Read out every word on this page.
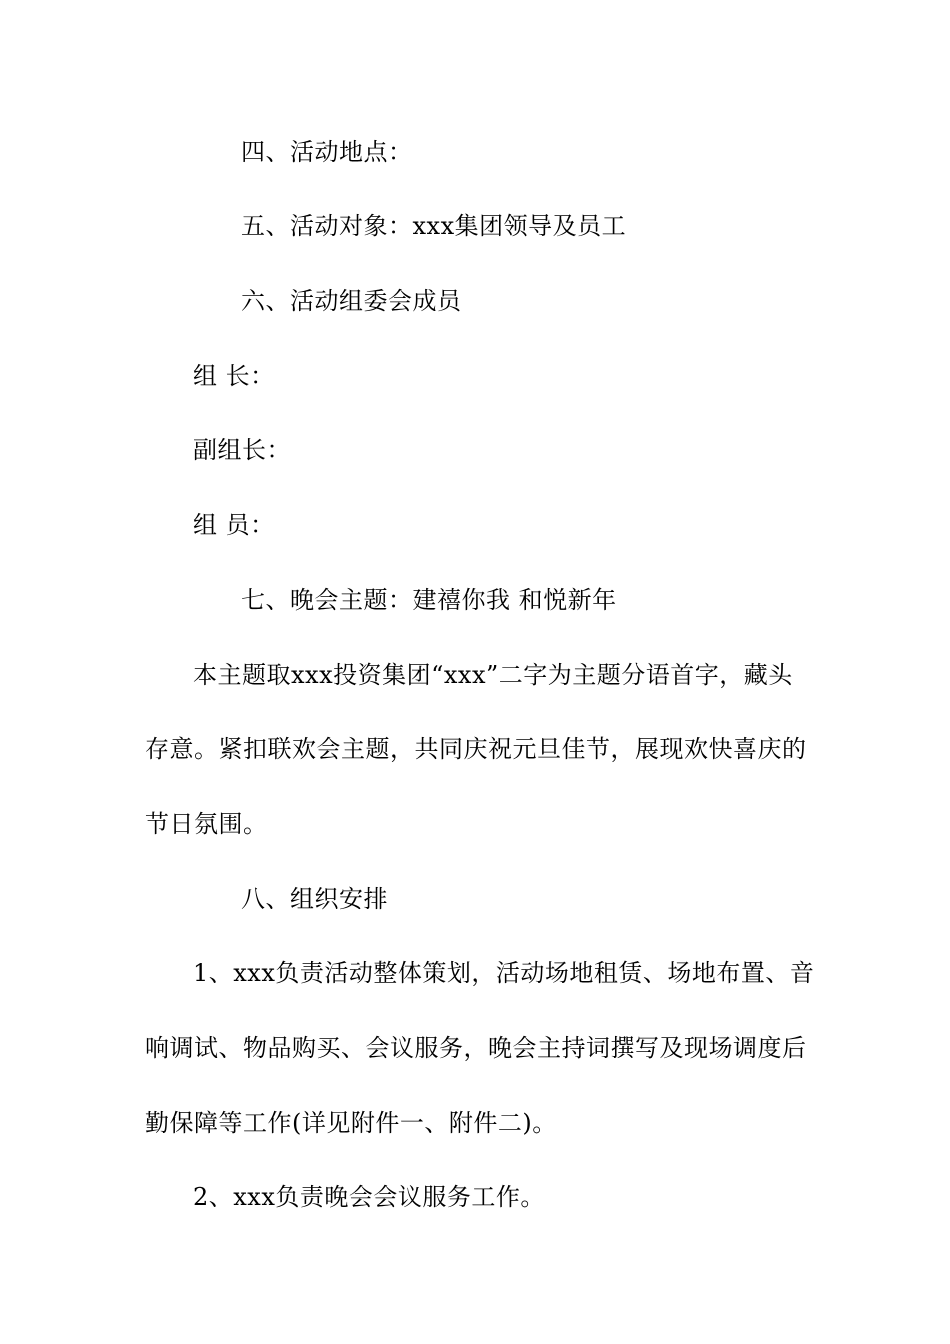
四、活动地点：
五、活动对象：xxx集团领导及员工
六、活动组委会成员
组 长：
副组长：
组 员：
七、晚会主题：建禧你我 和悦新年
本主题取xxx投资集团“xxx”二字为主题分语首字，藏头
存意。紧扣联欢会主题，共同庆祝元旦佳节，展现欢快喜庆的
节日氛围。
八、组织安排
1、xxx负责活动整体策划，活动场地租赁、场地布置、音
响调试、物品购买、会议服务，晚会主持词撰写及现场调度后
勤保障等工作(详见附件一、附件二)。
2、xxx负责晚会会议服务工作。
